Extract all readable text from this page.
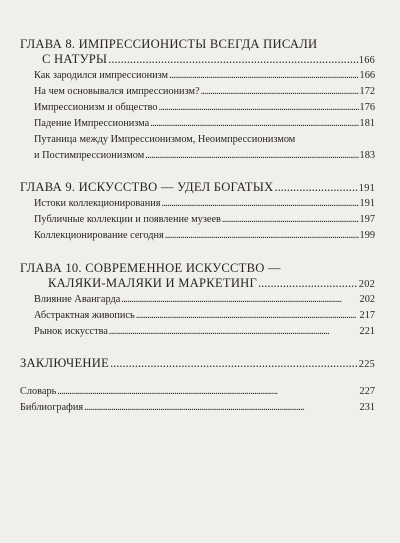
ГЛАВА 8. ИМПРЕССИОНИСТЫ ВСЕГДА ПИСАЛИ
С НАТУРЫ . . .	166
Как зародился импрессионизм . . .	166
На чем основывался импрессионизм? . . .	172
Импрессионизм и общество . . .	176
Падение Импрессионизма . . .	181
Путаница между Импрессионизмом, Неоимпрессионизмом
и Постимпрессионизмом . . .	183
ГЛАВА 9. ИСКУССТВО — УДЕЛ БОГАТЫХ . . .	191
Истоки коллекционирования . . .	191
Публичные коллекции и появление музеев . . .	197
Коллекционирование сегодня . . .	199
ГЛАВА 10. СОВРЕМЕННОЕ ИСКУССТВО —
КАЛЯКИ-МАЛЯКИ И МАРКЕТИНГ . . .	202
Влияние Авангарда . . .	202
Абстрактная живопись . . .	217
Рынок искусства . . .	221
ЗАКЛЮЧЕНИЕ . . .	225
Словарь . . .	227
Библиография . . .	231
